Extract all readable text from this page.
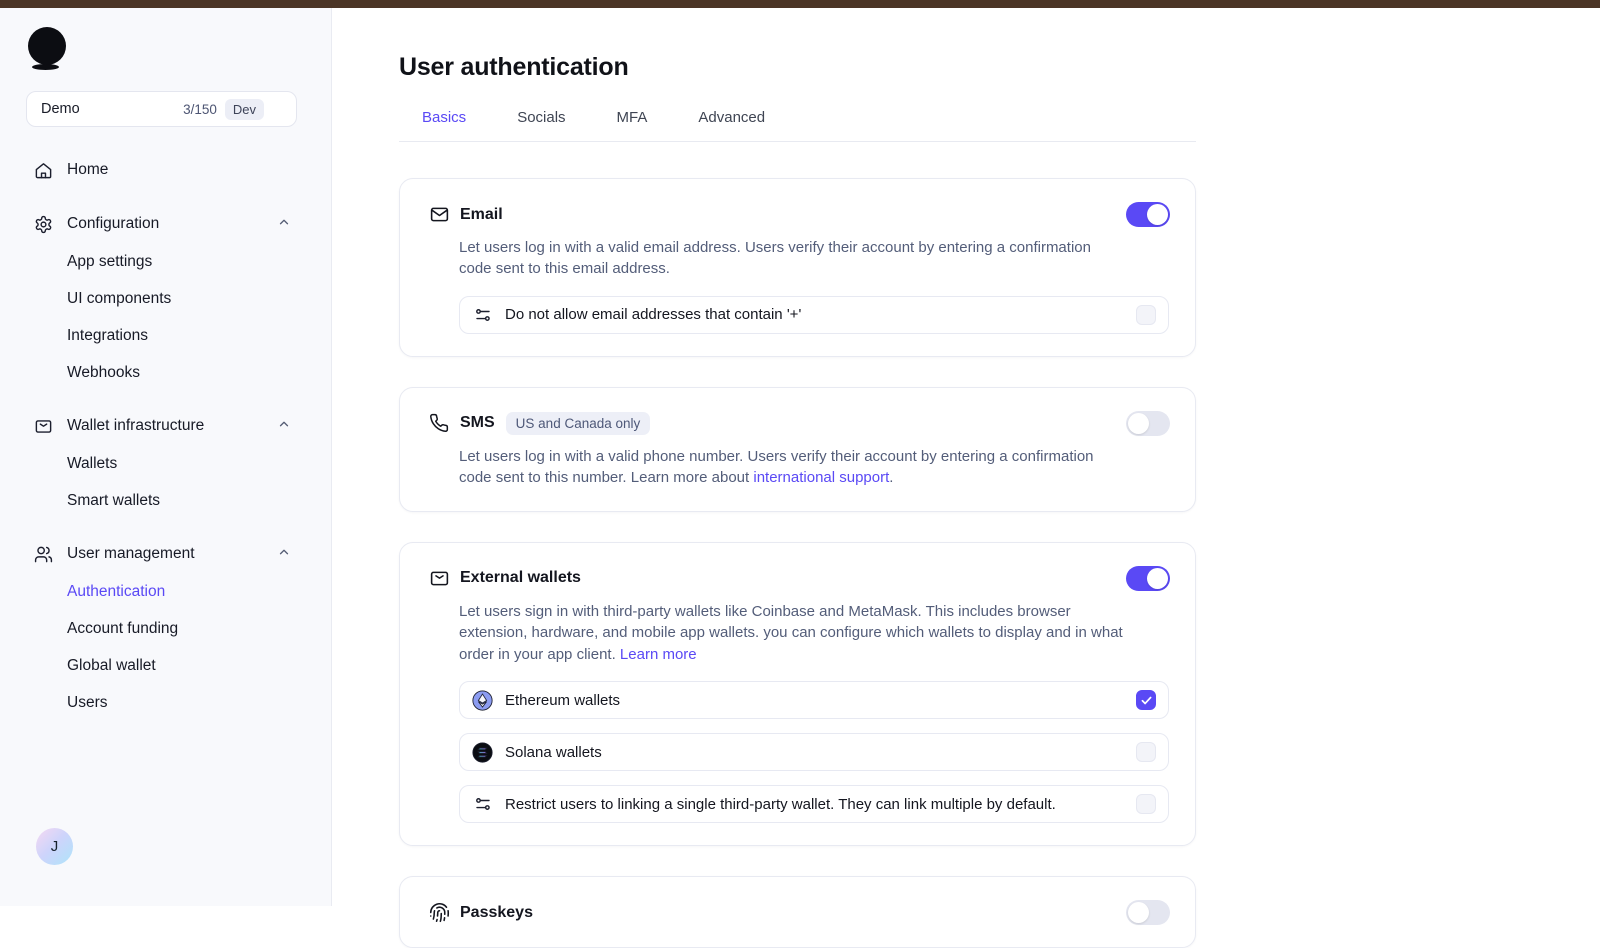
Demo	3/150	Dev
Home
Configuration
App settings
UI components
Integrations
Webhooks
Wallet infrastructure
Wallets
Smart wallets
User management
Authentication
Account funding
Global wallet
Users
J
User authentication
Basics	Socials	MFA	Advanced
Email

Let users log in with a valid email address. Users verify their account by entering a confirmation code sent to this email address.

Do not allow email addresses that contain '+'
SMS	US and Canada only

Let users log in with a valid phone number. Users verify their account by entering a confirmation code sent to this number. Learn more about international support.

External wallets

Let users sign in with third-party wallets like Coinbase and MetaMask. This includes browser extension, hardware, and mobile app wallets. you can configure which wallets to display and in what order in your app client. Learn more

Ethereum wallets
Solana wallets
Restrict users to linking a single third-party wallet. They can link multiple by default.
Passkeys
